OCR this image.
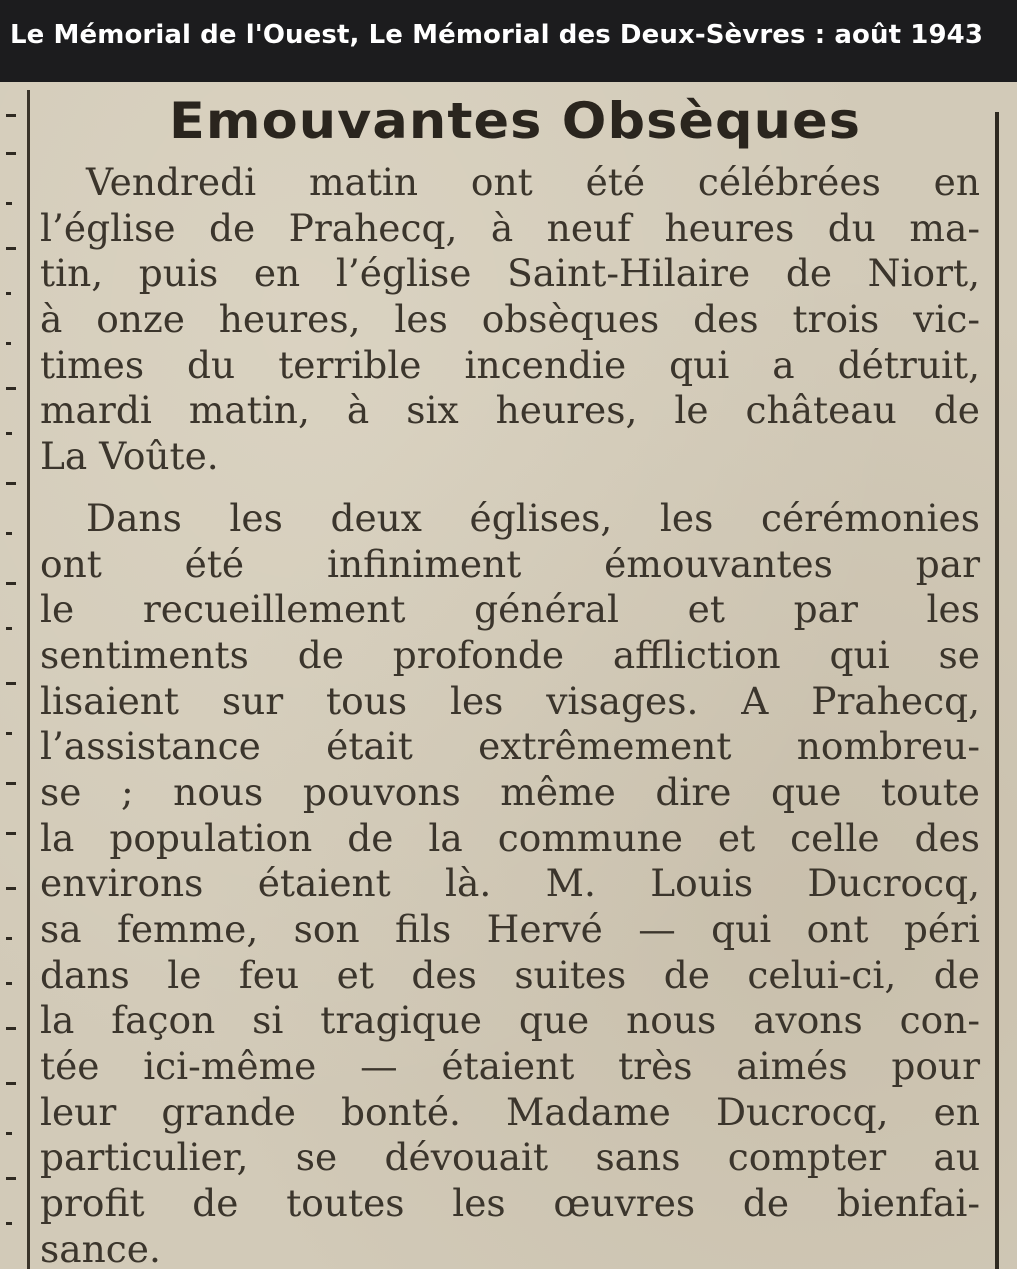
Le Mémorial de l'Ouest, Le Mémorial des Deux-Sèvres : août 1943
Emouvantes Obsèques
Vendredi matin ont été célébrées en
l’église de Prahecq, à neuf heures du ma-
tin, puis en l’église Saint-Hilaire de Niort,
à onze heures, les obsèques des trois vic-
times du terrible incendie qui a détruit,
mardi matin, à six heures, le château de
La Voûte.
Dans les deux églises, les cérémonies
ont été infiniment émouvantes par
le recueillement général et par les
sentiments de profonde affliction qui se
lisaient sur tous les visages. A Prahecq,
l’assistance était extrêmement nombreu-
se ; nous pouvons même dire que toute
la population de la commune et celle des
environs étaient là. M. Louis Ducrocq,
sa femme, son fils Hervé — qui ont péri
dans le feu et des suites de celui-ci, de
la façon si tragique que nous avons con-
tée ici-même — étaient très aimés pour
leur grande bonté. Madame Ducrocq, en
particulier, se dévouait sans compter au
profit de toutes les œuvres de bienfai-
sance.
